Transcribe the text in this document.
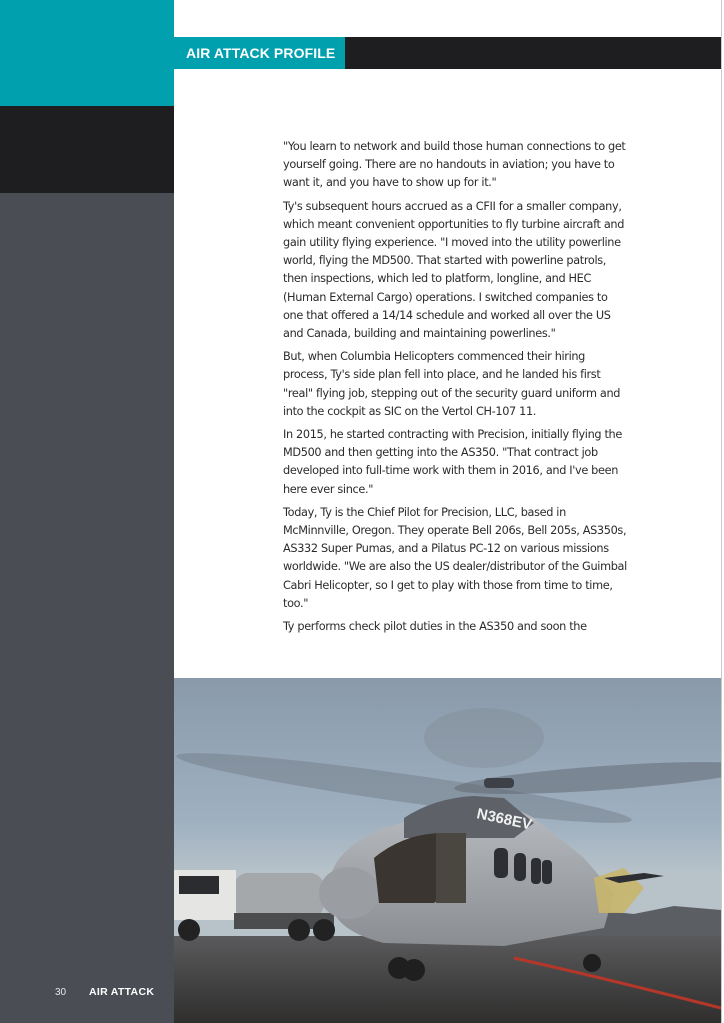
AIR ATTACK PROFILE

"You learn to network and build those human connections to get yourself going. There are no handouts in aviation; you have to want it, and you have to show up for it."

Ty's subsequent hours accrued as a CFII for a smaller company, which meant convenient opportunities to fly turbine aircraft and gain utility flying experience. "I moved into the utility powerline world, flying the MD500. That started with powerline patrols, then inspections, which led to platform, longline, and HEC (Human External Cargo) operations. I switched companies to one that offered a 14/14 schedule and worked all over the US and Canada, building and maintaining powerlines."

But, when Columbia Helicopters commenced their hiring process, Ty's side plan fell into place, and he landed his first "real" flying job, stepping out of the security guard uniform and into the cockpit as SIC on the Vertol CH-107 11.

In 2015, he started contracting with Precision, initially flying the MD500 and then getting into the AS350. "That contract job developed into full-time work with them in 2016, and I've been here ever since."

Today, Ty is the Chief Pilot for Precision, LLC, based in McMinnville, Oregon. They operate Bell 206s, Bell 205s, AS350s, AS332 Super Pumas, and a Pilatus PC-12 on various missions worldwide. "We are also the US dealer/distributor of the Guimbal Cabri Helicopter, so I get to play with those from time to time, too."

Ty performs check pilot duties in the AS350 and soon the

N368EV
30 AIR ATTACK
